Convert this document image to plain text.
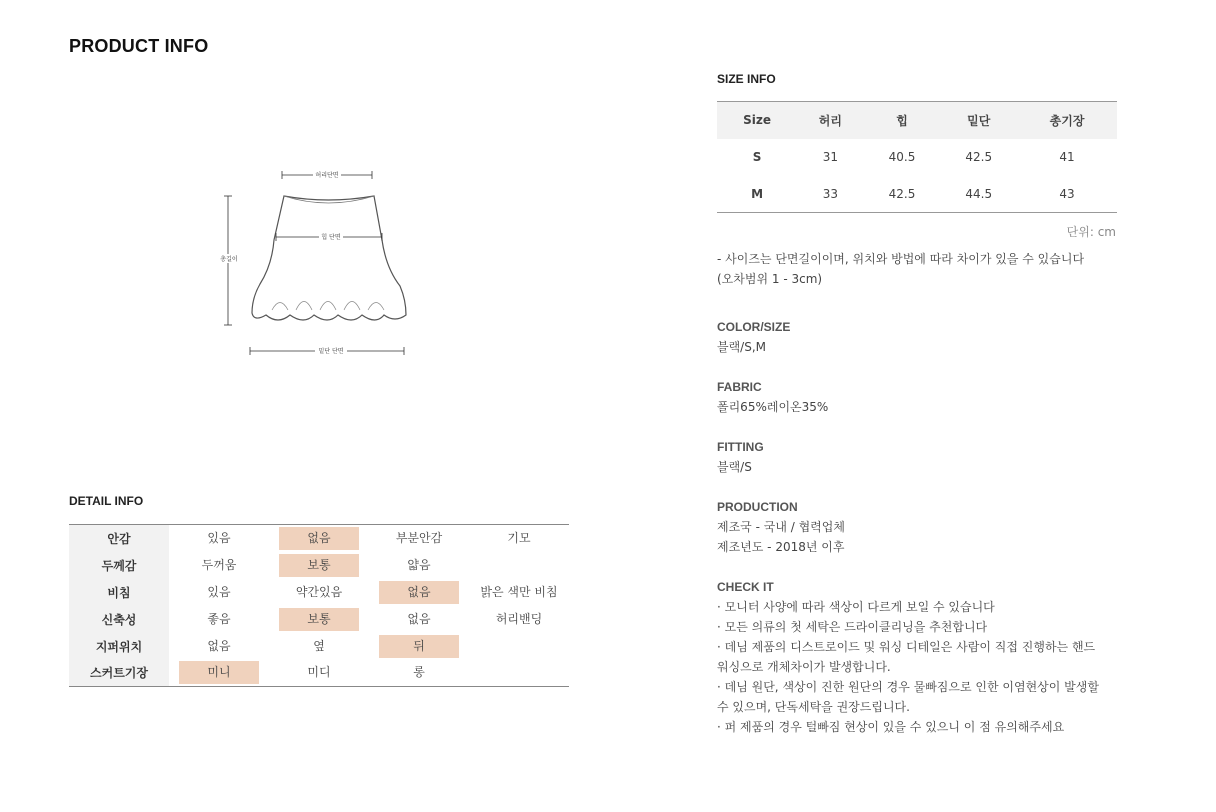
PRODUCT INFO
허리단면
힙 단면
총길이
밑단 단면
DETAIL INFO
안감	있음	없음	부분안감	기모
두께감	두꺼움	보통	얇음	
비침	있음	약간있음	없음	밝은 색만 비침
신축성	좋음	보통	없음	허리밴딩
지퍼위치	없음	옆	뒤	
스커트기장	미니	미디	롱	
SIZE INFO
Size	허리	힙	밑단	총기장
S	31	40.5	42.5	41
M	33	42.5	44.5	43
단위: cm
- 사이즈는 단면길이이며, 위치와 방법에 따라 차이가 있을 수 있습니다
(오차범위 1 - 3cm)
COLOR/SIZE
블랙/S,M
FABRIC
폴리65%레이온35%
FITTING
블랙/S
PRODUCTION
제조국 - 국내 / 협력업체
제조년도 - 2018년 이후
CHECK IT
· 모니터 사양에 따라 색상이 다르게 보일 수 있습니다
· 모든 의류의 첫 세탁은 드라이클리닝을 추천합니다
· 데님 제품의 디스트로이드 및 워싱 디테일은 사람이 직접 진행하는 핸드
워싱으로 개체차이가 발생합니다.
· 데님 원단, 색상이 진한 원단의 경우 물빠짐으로 인한 이염현상이 발생할
수 있으며, 단독세탁을 권장드립니다.
· 퍼 제품의 경우 털빠짐 현상이 있을 수 있으니 이 점 유의해주세요
